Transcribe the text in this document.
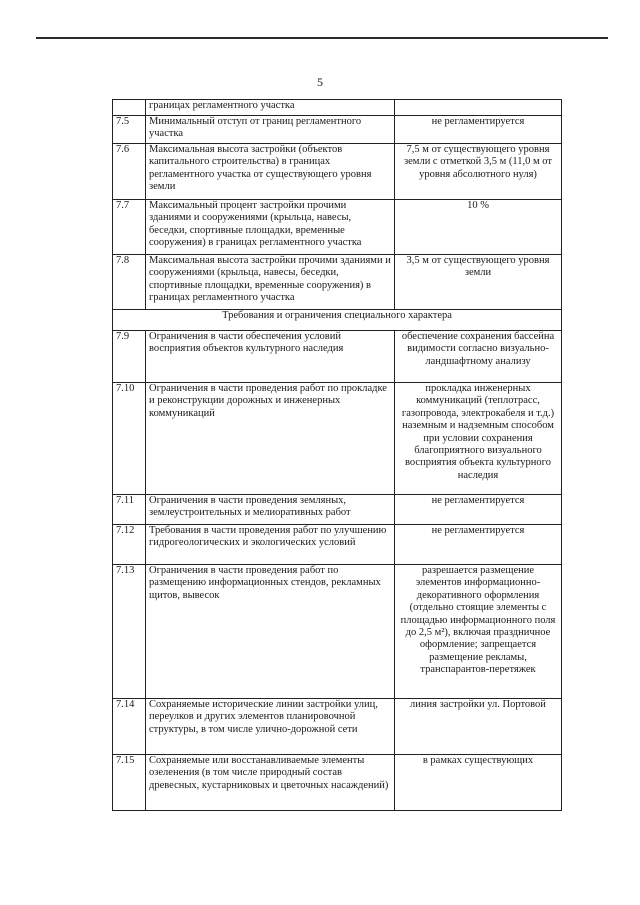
5
	границах регламентного участка	
7.5	Минимальный отступ от границ регламентного участка	не регламентируется
7.6	Максимальная высота застройки (объектов капитального строительства) в границах регламентного участка от существующего уровня земли	7,5 м от существующего уровня земли с отметкой 3,5 м (11,0 м от уровня абсолютного нуля)
7.7	Максимальный процент застройки прочими зданиями и сооружениями (крыльца, навесы, беседки, спортивные площадки, временные сооружения) в границах регламентного участка	10 %
7.8	Максимальная высота застройки прочими зданиями и сооружениями (крыльца, навесы, беседки, спортивные площадки, временные сооружения) в границах регламентного участка	3,5 м от существующего уровня земли
Требования и ограничения специального характера		
7.9	Ограничения в части обеспечения условий восприятия объектов культурного наследия	обеспечение сохранения бассейна видимости согласно визуально-ландшафтному анализу
7.10	Ограничения в части проведения работ по прокладке и реконструкции дорожных и инженерных коммуникаций	прокладка инженерных коммуникаций (теплотрасс, газопровода, электрокабеля и т.д.) наземным и надземным способом при условии сохранения благоприятного визуального восприятия объекта культурного наследия
7.11	Ограничения в части проведения земляных, землеустроительных и мелиоративных работ	не регламентируется
7.12	Требования в части проведения работ по улучшению гидрогеологических и экологических условий	не регламентируется
7.13	Ограничения в части проведения работ по размещению информационных стендов, рекламных щитов, вывесок	разрешается размещение элементов информационно-декоративного оформления (отдельно стоящие элементы с площадью информационного поля до 2,5 м²), включая праздничное оформление; запрещается размещение рекламы, транспарантов-перетяжек
7.14	Сохраняемые исторические линии застройки улиц, переулков и других элементов планировочной структуры, в том числе улично-дорожной сети	линия застройки ул. Портовой
7.15	Сохраняемые или восстанавливаемые элементы озеленения (в том числе природный состав древесных, кустарниковых и цветочных насаждений)	в рамках существующих
